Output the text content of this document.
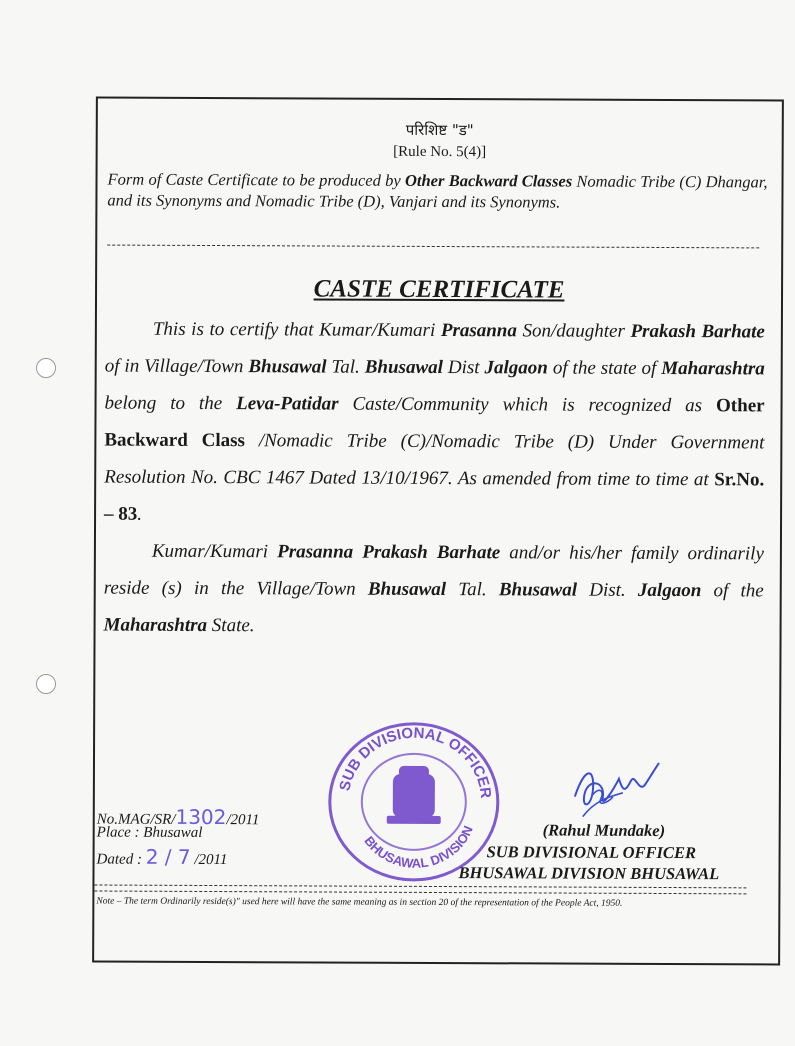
परिशिष्ट "ड"
[Rule No. 5(4)]
Form of Caste Certificate to be produced by Other Backward Classes Nomadic Tribe (C) Dhangar, and its Synonyms and Nomadic Tribe (D), Vanjari and its Synonyms.
CASTE CERTIFICATE
This is to certify that Kumar/Kumari Prasanna Son/daughter Prakash Barhate of in Village/Town Bhusawal Tal. Bhusawal Dist Jalgaon of the state of Maharashtra belong to the Leva-Patidar Caste/Community which is recognized as Other Backward Class /Nomadic Tribe (C)/Nomadic Tribe (D) Under Government Resolution No. CBC 1467 Dated 13/10/1967. As amended from time to time at Sr.No. – 83.
Kumar/Kumari Prasanna Prakash Barhate and/or his/her family ordinarily reside (s) in the Village/Town Bhusawal Tal. Bhusawal Dist. Jalgaon of the Maharashtra State.
SUB DIVISIONAL OFFICER
BHUSAWAL DIVISION
No.MAG/SR/1302/2011
Place : Bhusawal
Dated : 2 / 7 /2011
(Rahul Mundake)
SUB DIVISIONAL OFFICER
BHUSAWAL DIVISION BHUSAWAL
Note – The term Ordinarily reside(s)" used here will have the same meaning as in section 20 of the representation of the People Act, 1950.
